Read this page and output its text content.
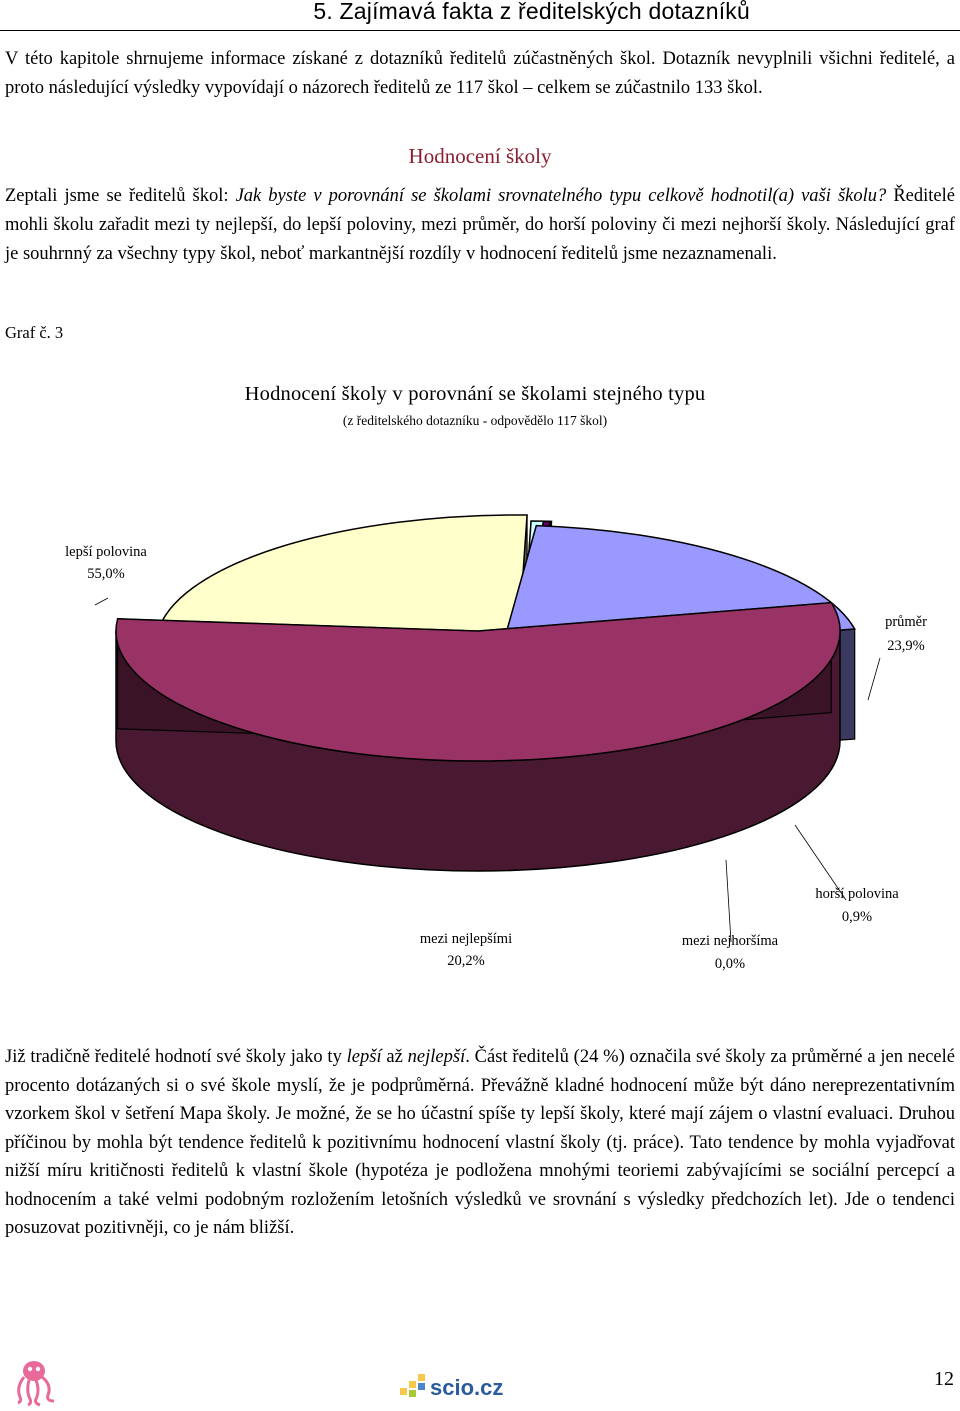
5. Zajímavá fakta z ředitelských dotazníků

V této kapitole shrnujeme informace získané z dotazníků ředitelů zúčastněných škol. Dotazník nevyplnili všichni ředitelé, a proto následující výsledky vypovídají o názorech ředitelů ze 117 škol – celkem se zúčastnilo 133 škol.

Hodnocení školy

Zeptali jsme se ředitelů škol: Jak byste v porovnání se školami srovnatelného typu celkově hodnotil(a) vaši školu? Ředitelé mohli školu zařadit mezi ty nejlepší, do lepší poloviny, mezi průměr, do horší poloviny či mezi nejhorší školy. Následující graf je souhrnný za všechny typy škol, neboť markantnější rozdíly v hodnocení ředitelů jsme nezaznamenali.

Graf č. 3
Hodnocení školy v porovnání se školami stejného typu
(z ředitelského dotazníku - odpovědělo 117 škol)
lepší polovina
55,0%
průměr
23,9%
horší polovina
0,9%
mezi nejhoršíma
0,0%
mezi nejlepšími
20,2%

Již tradičně ředitelé hodnotí své školy jako ty lepší až nejlepší. Část ředitelů (24 %) označila své školy za průměrné a jen necelé procento dotázaných si o své škole myslí, že je podprůměrná. Převážně kladné hodnocení může být dáno nereprezentativním vzorkem škol v šetření Mapa školy. Je možné, že se ho účastní spíše ty lepší školy, které mají zájem o vlastní evaluaci. Druhou příčinou by mohla být tendence ředitelů k pozitivnímu hodnocení vlastní školy (tj. práce). Tato tendence by mohla vyjadřovat nižší míru kritičnosti ředitelů k vlastní škole (hypotéza je podložena mnohými teoriemi zabývajícími se sociální percepcí a hodnocením a také velmi podobným rozložením letošních výsledků ve srovnání s výsledky předchozích let). Jde o tendenci posuzovat pozitivněji, co je nám bližší.

scio.cz	12
